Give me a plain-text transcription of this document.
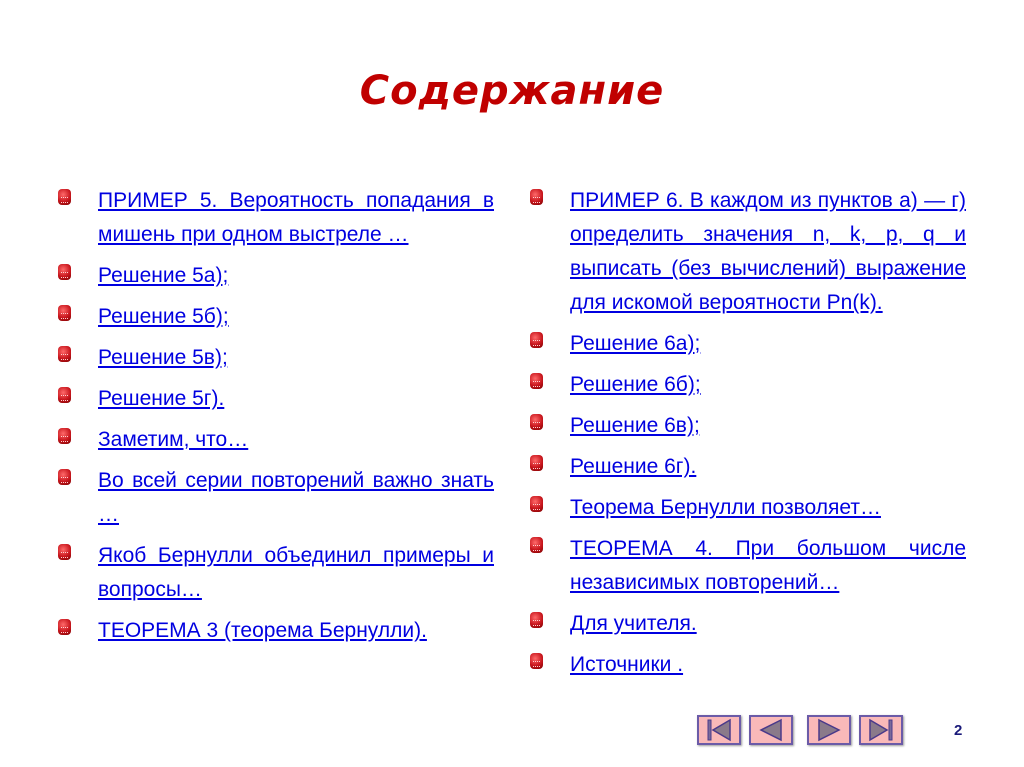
Содержание
ПРИМЕР 5. Вероятность попадания в мишень при одном выстреле …
Решение 5а);
Решение 5б);
Решение 5в);
Решение 5г).
Заметим, что…
Во всей серии повторений важно знать …
Якоб Бернулли объединил примеры и вопросы…
ТЕОРЕМА 3 (теорема Бернулли).
ПРИМЕР 6. В каждом из пунктов а) — г) определить значения n, k, p, q и выписать (без вычислений) выражение для искомой вероятности Pn(k).
Решение 6а);
Решение 6б);
Решение 6в);
Решение 6г).
Теорема Бернулли позволяет…
ТЕОРЕМА 4. При большом числе независимых повторений…
Для учителя.
Источники .
2
